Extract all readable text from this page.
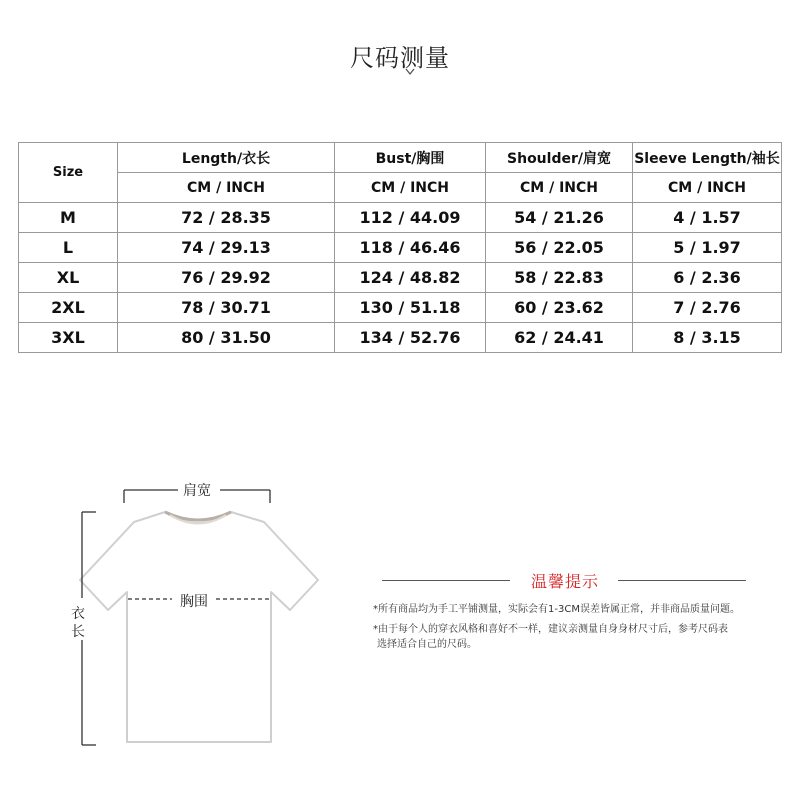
尺码测量
Size	Length/衣长	Bust/胸围	Shoulder/肩宽	Sleeve Length/袖长
	CM / INCH	CM / INCH	CM / INCH	CM / INCH
M	72 / 28.35	112 / 44.09	54 / 21.26	4 / 1.57
L	74 / 29.13	118 / 46.46	56 / 22.05	5 / 1.97
XL	76 / 29.92	124 / 48.82	58 / 22.83	6 / 2.36
2XL	78 / 30.71	130 / 51.18	60 / 23.62	7 / 2.76
3XL	80 / 31.50	134 / 52.76	62 / 24.41	8 / 3.15
肩宽
胸围
衣
长
温馨提示
*所有商品均为手工平铺测量，实际会有1-3CM误差皆属正常，并非商品质量问题。
*由于每个人的穿衣风格和喜好不一样，建议亲测量自身身材尺寸后，参考尺码表
选择适合自己的尺码。
